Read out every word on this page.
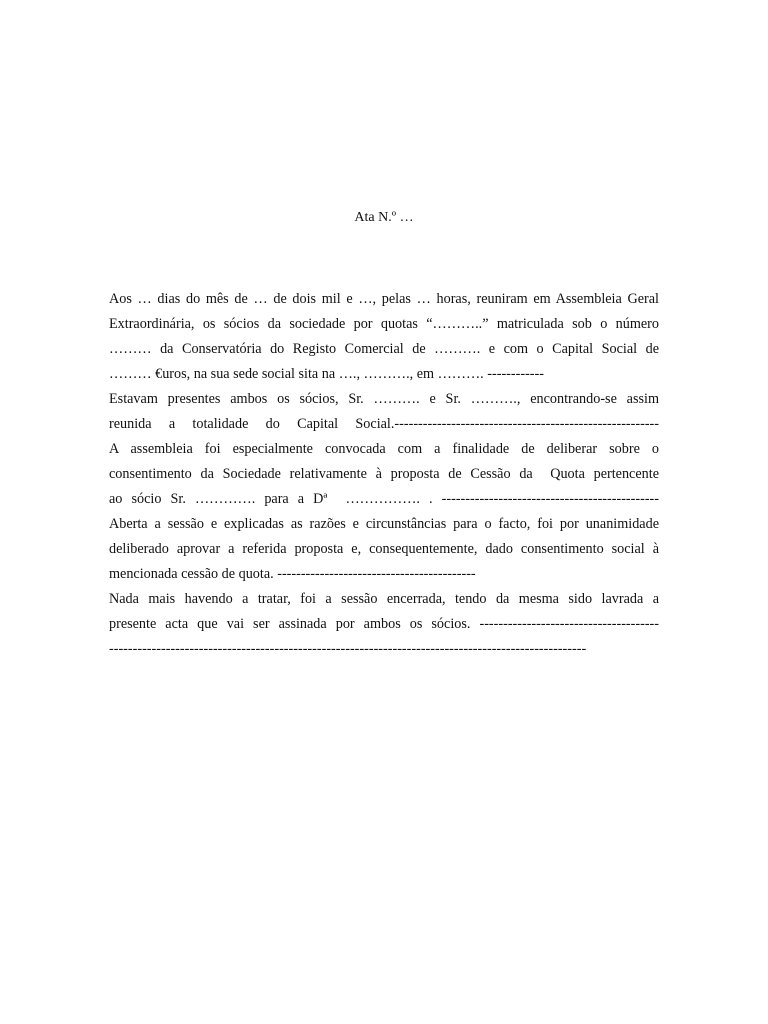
Ata N.º …
Aos … dias do mês de … de dois mil e …, pelas … horas, reuniram em Assembleia Geral
Extraordinária, os sócios da sociedade por quotas “………..” matriculada sob o número
……… da Conservatória do Registo Comercial de ………. e com o Capital Social de
……… €uros, na sua sede social sita na …., ………., em ………. ------------
Estavam presentes ambos os sócios, Sr. ………. e Sr. ………., encontrando-se assim
reunida a totalidade do Capital Social.--------------------------------------------------------
A assembleia foi especialmente convocada com a finalidade de deliberar sobre o
consentimento da Sociedade relativamente à proposta de Cessão da  Quota pertencente
ao sócio Sr. …………. para a Dª  ……………. . ----------------------------------------------
Aberta a sessão e explicadas as razões e circunstâncias para o facto, foi por unanimidade
deliberado aprovar a referida proposta e, consequentemente, dado consentimento social à
mencionada cessão de quota. ------------------------------------------
Nada mais havendo a tratar, foi a sessão encerrada, tendo da mesma sido lavrada a
presente acta que vai ser assinada por ambos os sócios. --------------------------------------
-----------------------------------------------------------------------------------------------------
